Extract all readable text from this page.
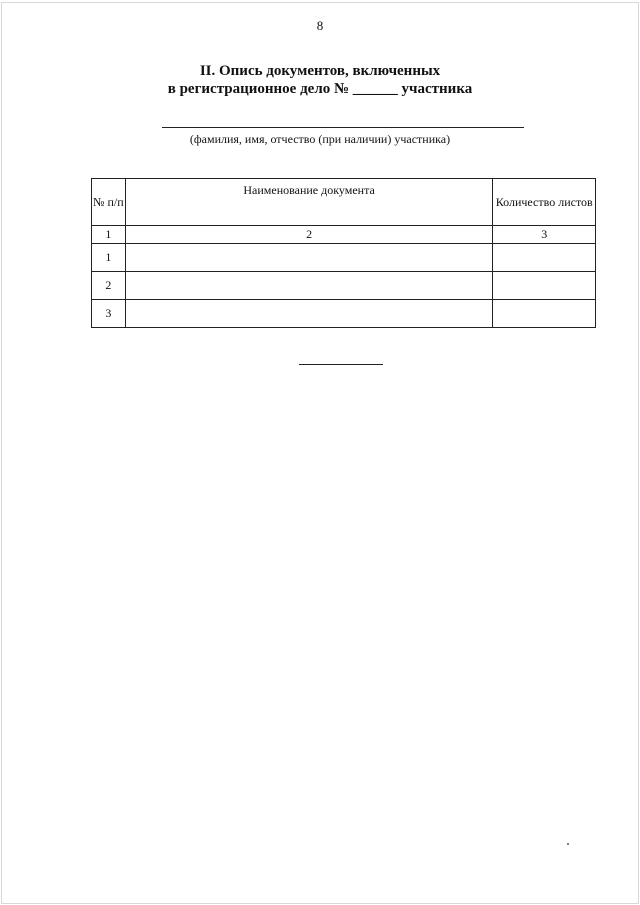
8
II. Опись документов, включенных
в регистрационное дело № ______ участника
(фамилия, имя, отчество (при наличии) участника)
№ п/п	Наименование документа	Количество листов
1	2	3
1		
2		
3		
